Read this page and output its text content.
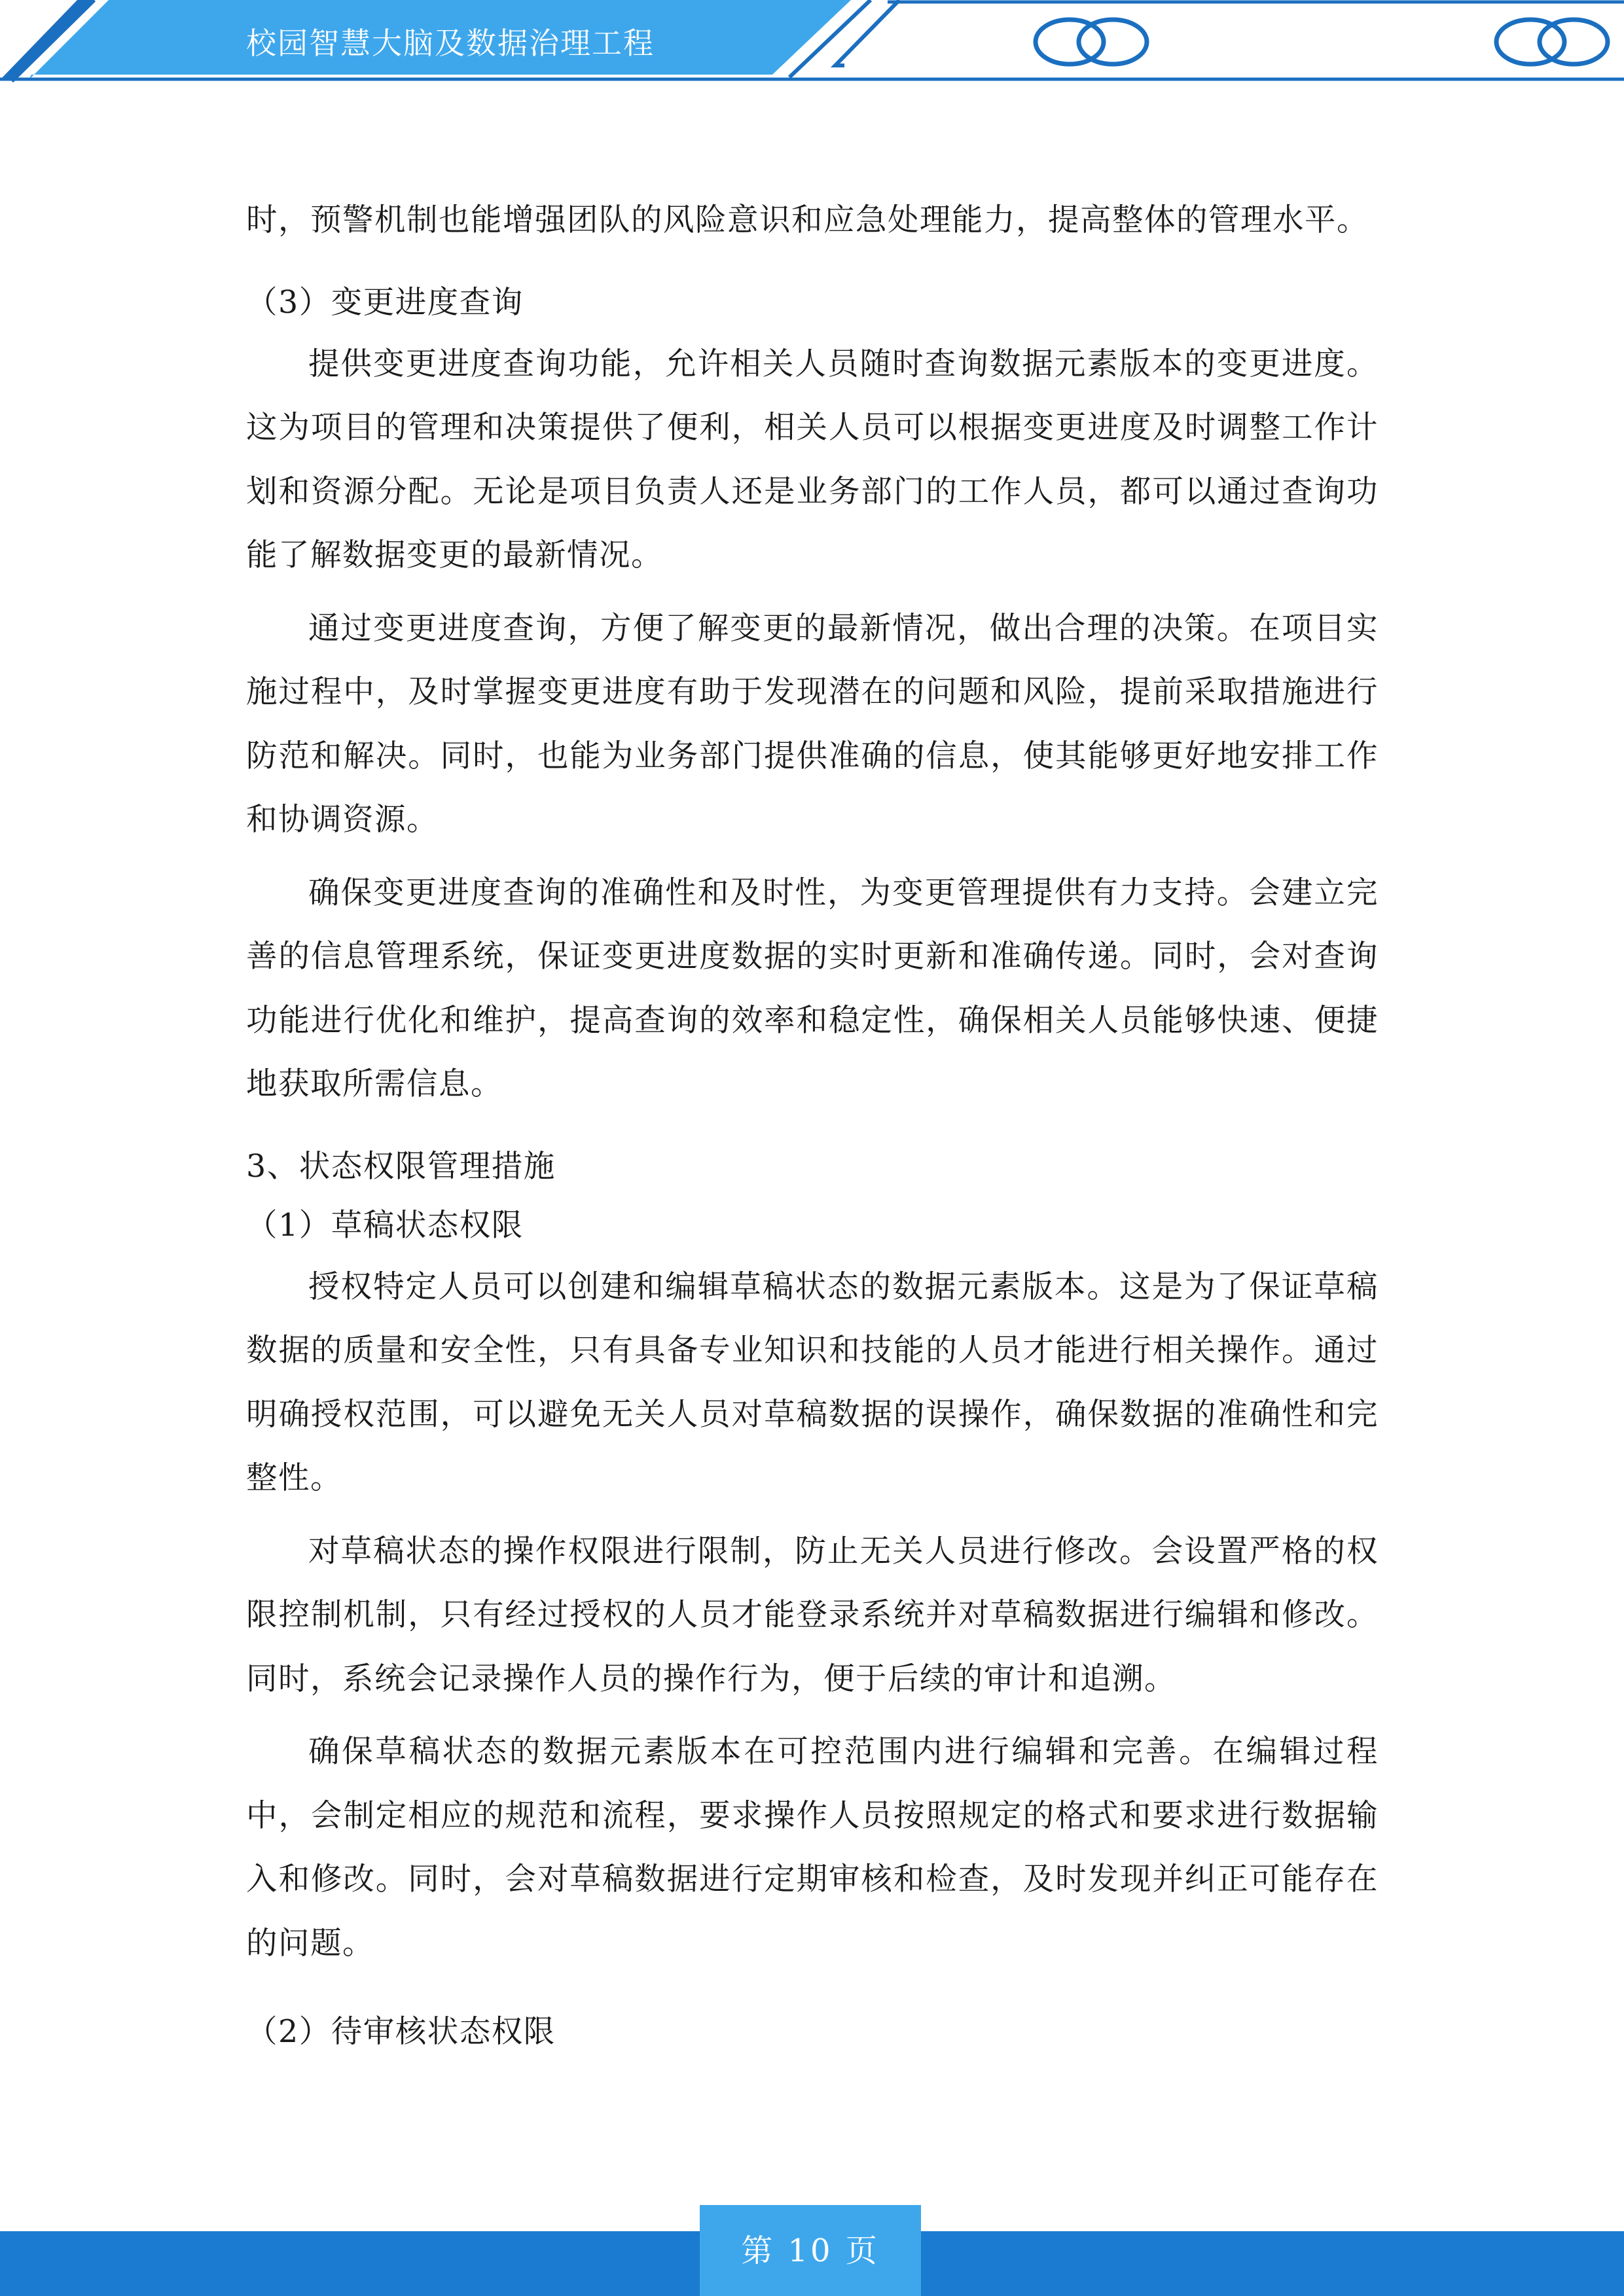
校园智慧大脑及数据治理工程

时，预警机制也能增强团队的风险意识和应急处理能力，提高整体的管理水平。

（3）变更进度查询

提供变更进度查询功能，允许相关人员随时查询数据元素版本的变更进度。这为项目的管理和决策提供了便利，相关人员可以根据变更进度及时调整工作计划和资源分配。无论是项目负责人还是业务部门的工作人员，都可以通过查询功能了解数据变更的最新情况。

通过变更进度查询，方便了解变更的最新情况，做出合理的决策。在项目实施过程中，及时掌握变更进度有助于发现潜在的问题和风险，提前采取措施进行防范和解决。同时，也能为业务部门提供准确的信息，使其能够更好地安排工作和协调资源。

确保变更进度查询的准确性和及时性，为变更管理提供有力支持。会建立完善的信息管理系统，保证变更进度数据的实时更新和准确传递。同时，会对查询功能进行优化和维护，提高查询的效率和稳定性，确保相关人员能够快速、便捷地获取所需信息。

3、状态权限管理措施

（1）草稿状态权限

授权特定人员可以创建和编辑草稿状态的数据元素版本。这是为了保证草稿数据的质量和安全性，只有具备专业知识和技能的人员才能进行相关操作。通过明确授权范围，可以避免无关人员对草稿数据的误操作，确保数据的准确性和完整性。

对草稿状态的操作权限进行限制，防止无关人员进行修改。会设置严格的权限控制机制，只有经过授权的人员才能登录系统并对草稿数据进行编辑和修改。同时，系统会记录操作人员的操作行为，便于后续的审计和追溯。

确保草稿状态的数据元素版本在可控范围内进行编辑和完善。在编辑过程中，会制定相应的规范和流程，要求操作人员按照规定的格式和要求进行数据输入和修改。同时，会对草稿数据进行定期审核和检查，及时发现并纠正可能存在的问题。

（2）待审核状态权限

第 10 页
